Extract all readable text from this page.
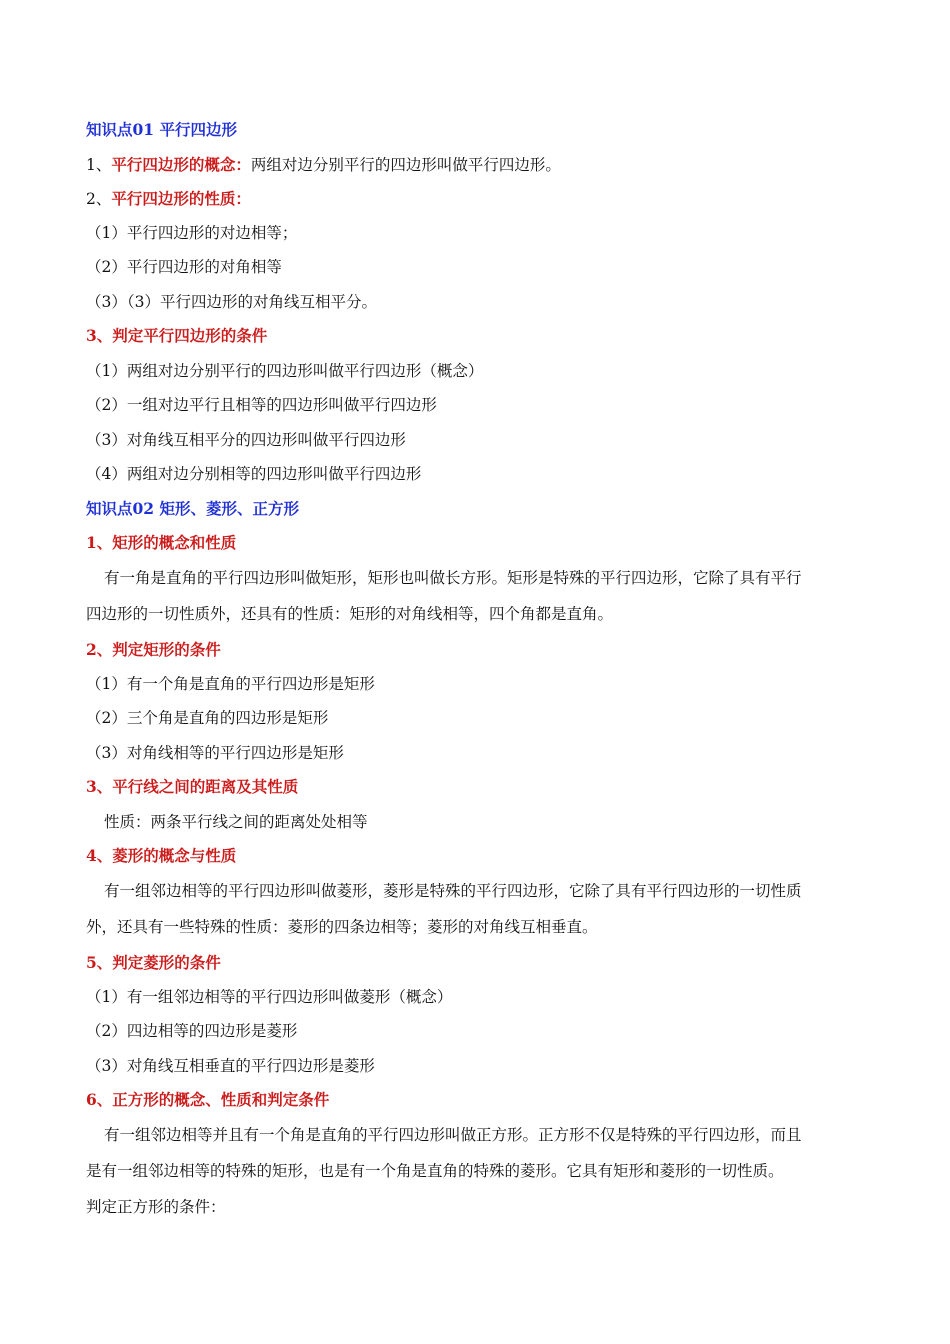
知识点01 平行四边形
1、平行四边形的概念：两组对边分别平行的四边形叫做平行四边形。
2、平行四边形的性质：
（1）平行四边形的对边相等；
（2）平行四边形的对角相等
（3）（3）平行四边形的对角线互相平分。
3、判定平行四边形的条件
（1）两组对边分别平行的四边形叫做平行四边形（概念）
（2）一组对边平行且相等的四边形叫做平行四边形
（3）对角线互相平分的四边形叫做平行四边形
（4）两组对边分别相等的四边形叫做平行四边形
知识点02 矩形、菱形、正方形
1、矩形的概念和性质
有一角是直角的平行四边形叫做矩形，矩形也叫做长方形。矩形是特殊的平行四边形，它除了具有平行
四边形的一切性质外，还具有的性质：矩形的对角线相等，四个角都是直角。
2、判定矩形的条件
（1）有一个角是直角的平行四边形是矩形
（2）三个角是直角的四边形是矩形
（3）对角线相等的平行四边形是矩形
3、平行线之间的距离及其性质
性质：两条平行线之间的距离处处相等
4、菱形的概念与性质
有一组邻边相等的平行四边形叫做菱形，菱形是特殊的平行四边形，它除了具有平行四边形的一切性质
外，还具有一些特殊的性质：菱形的四条边相等；菱形的对角线互相垂直。
5、判定菱形的条件
（1）有一组邻边相等的平行四边形叫做菱形（概念）
（2）四边相等的四边形是菱形
（3）对角线互相垂直的平行四边形是菱形
6、正方形的概念、性质和判定条件
有一组邻边相等并且有一个角是直角的平行四边形叫做正方形。正方形不仅是特殊的平行四边形，而且
是有一组邻边相等的特殊的矩形，也是有一个角是直角的特殊的菱形。它具有矩形和菱形的一切性质。
判定正方形的条件：
